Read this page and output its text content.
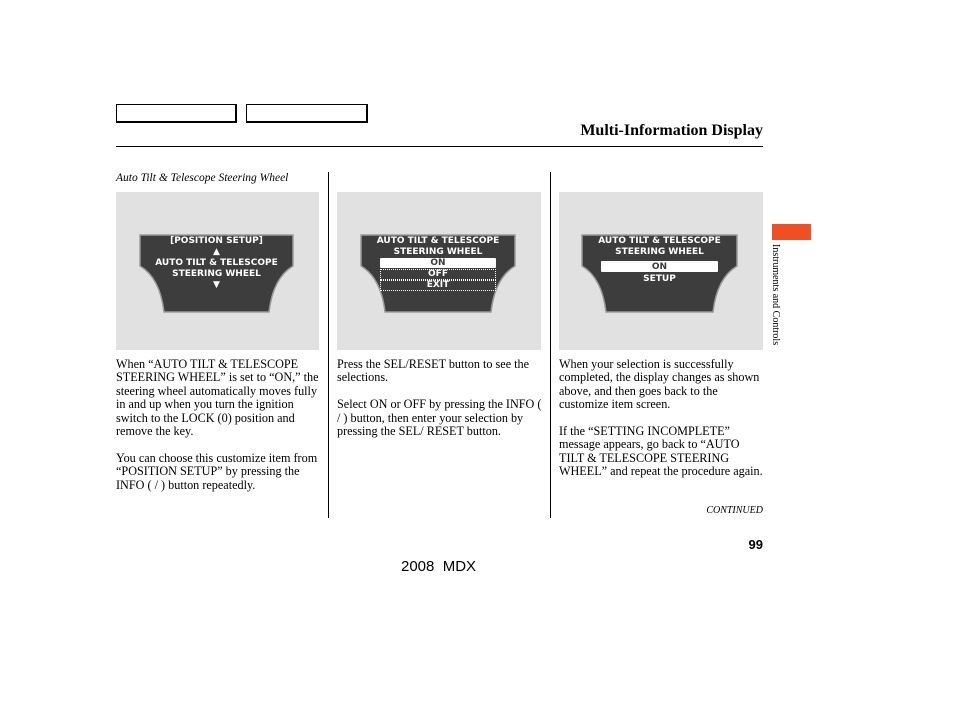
Multi-Information Display
Auto Tilt & Telescope Steering Wheel
[POSITION SETUP]
▲
AUTO TILT & TELESCOPE
STEERING WHEEL
▼
AUTO TILT & TELESCOPE
STEERING WHEEL
ON
OFF
EXIT
AUTO TILT & TELESCOPE
STEERING WHEEL
ON
SETUP

When “AUTO TILT & TELESCOPE STEERING WHEEL” is set to “ON,” the steering wheel automatically moves fully in and up when you turn the ignition switch to the LOCK (0) position and remove the key.

You can choose this customize item from “POSITION SETUP” by pressing the INFO ( / ) button repeatedly.

Press the SEL/RESET button to see the selections.

Select ON or OFF by pressing the INFO ( / ) button, then enter your selection by pressing the SEL/ RESET button.

When your selection is successfully completed, the display changes as shown above, and then goes back to the customize item screen.

If the “SETTING INCOMPLETE” message appears, go back to “AUTO TILT & TELESCOPE STEERING WHEEL” and repeat the procedure again.

Instruments and Controls
CONTINUED
99
2008  MDX
